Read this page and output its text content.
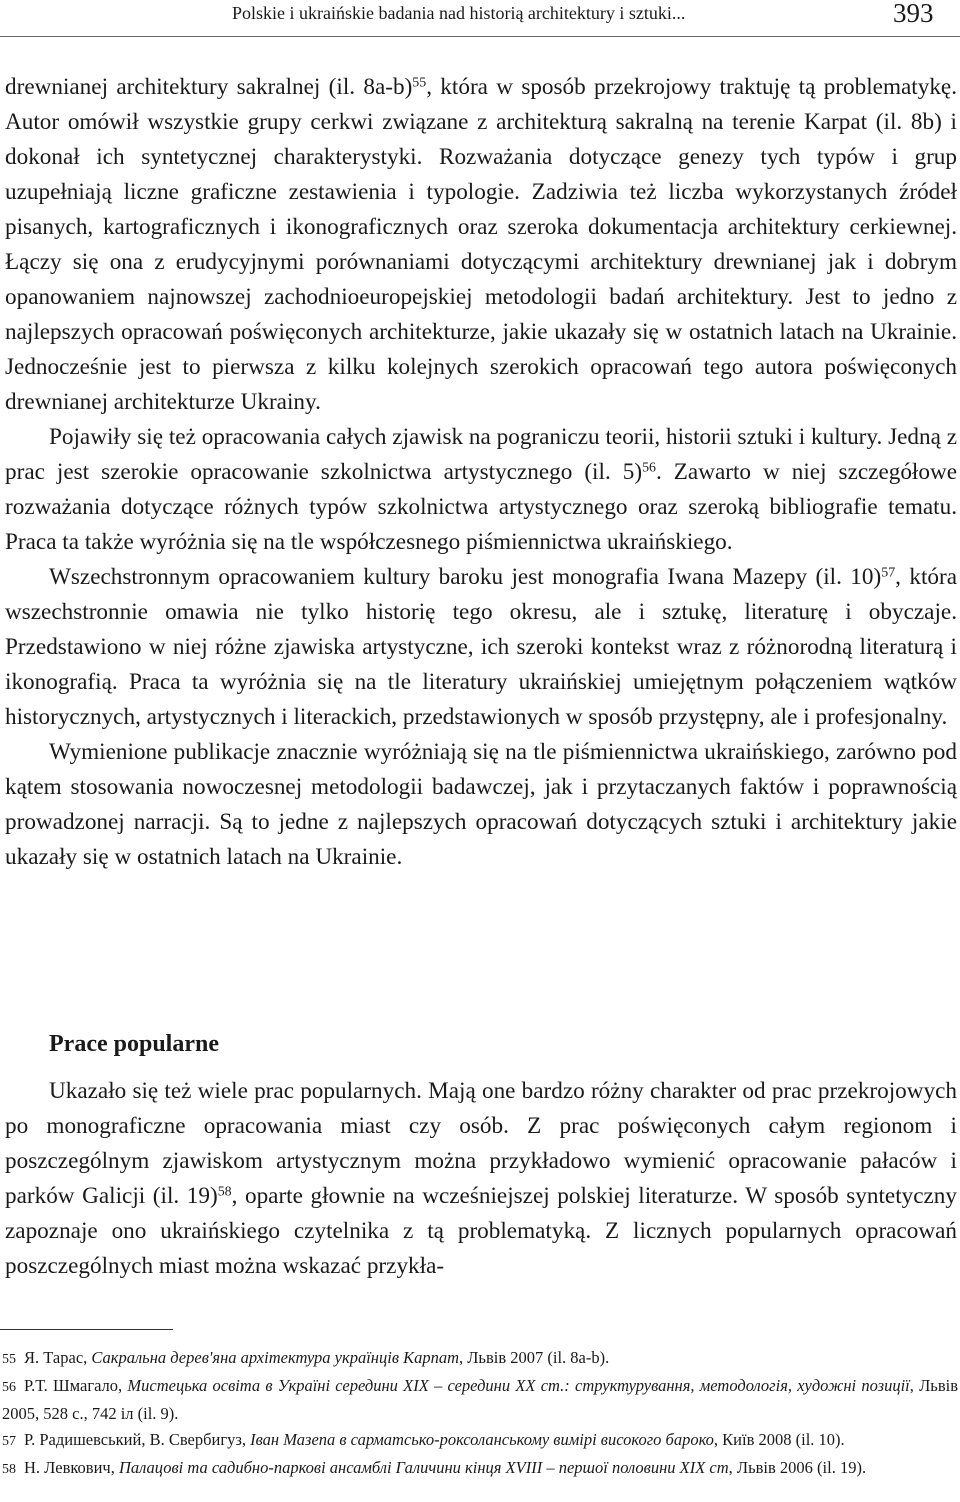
Polskie i ukraińskie badania nad historią architektury i sztuki...	393

drewnianej architektury sakralnej (il. 8a-b)$^{55}$, która w sposób przekrojowy traktuję tą problematykę. Autor omówił wszystkie grupy cerkwi związane z architekturą sakralną na terenie Karpat (il. 8b) i dokonał ich syntetycznej charakterystyki. Rozważania dotyczące genezy tych typów i grup uzupełniają liczne graficzne zestawienia i typologie. Zadziwia też liczba wykorzystanych źródeł pisanych, kartograficznych i ikonograficznych oraz szeroka dokumentacja architektury cerkiewnej. Łączy się ona z erudycyjnymi porównaniami dotyczącymi architektury drewnianej jak i dobrym opanowaniem najnowszej zachodnioeuropejskiej metodologii badań architektury. Jest to jedno z najlepszych opracowań poświęconych architekturze, jakie ukazały się w ostatnich latach na Ukrainie. Jednocześnie jest to pierwsza z kilku kolejnych szerokich opracowań tego autora poświęconych drewnianej architekturze Ukrainy.

Pojawiły się też opracowania całych zjawisk na pograniczu teorii, historii sztuki i kultury. Jedną z prac jest szerokie opracowanie szkolnictwa artystycznego (il. 5)$^{56}$. Zawarto w niej szczegółowe rozważania dotyczące różnych typów szkolnictwa artystycznego oraz szeroką bibliografie tematu. Praca ta także wyróżnia się na tle współczesnego piśmiennictwa ukraińskiego.

Wszechstronnym opracowaniem kultury baroku jest monografia Iwana Mazepy (il. 10)$^{57}$, która wszechstronnie omawia nie tylko historię tego okresu, ale i sztukę, literaturę i obyczaje. Przedstawiono w niej różne zjawiska artystyczne, ich szeroki kontekst wraz z różnorodną literaturą i ikonografią. Praca ta wyróżnia się na tle literatury ukraińskiej umiejętnym połączeniem wątków historycznych, artystycznych i literackich, przedstawionych w sposób przystępny, ale i profesjonalny.

Wymienione publikacje znacznie wyróżniają się na tle piśmiennictwa ukraińskiego, zarówno pod kątem stosowania nowoczesnej metodologii badawczej, jak i przytaczanych faktów i poprawnością prowadzonej narracji. Są to jedne z najlepszych opracowań dotyczących sztuki i architektury jakie ukazały się w ostatnich latach na Ukrainie.

Prace popularne

Ukazało się też wiele prac popularnych. Mają one bardzo różny charakter od prac przekrojowych po monograficzne opracowania miast czy osób. Z prac poświęconych całym regionom i poszczególnym zjawiskom artystycznym można przykładowo wymienić opracowanie pałaców i parków Galicji (il. 19)$^{58}$, oparte głownie na wcześniejszej polskiej literaturze. W sposób syntetyczny zapoznaje ono ukraińskiego czytelnika z tą problematyką. Z licznych popularnych opracowań poszczególnych miast można wskazać przykła-

55 Я. Тарас, Сакральна дерев'яна архітектура українців Карпат, Львів 2007 (il. 8a-b).

56 Р.Т. Шмагало, Мистецька освіта в Україні середини XIX – середини XX ст.: структурування, методологія, художні позиції, Львів 2005, 528 с., 742 іл (il. 9).

57 Р. Радишевський, В. Свербигуз, Іван Мазепа в сарматсько-роксоланському вимірі високого бароко, Київ 2008 (il. 10).

58 Н. Левкович, Палацові та садибно-паркові ансамблі Галичини кінця XVIII – першої половини XIX ст, Львів 2006 (il. 19).
